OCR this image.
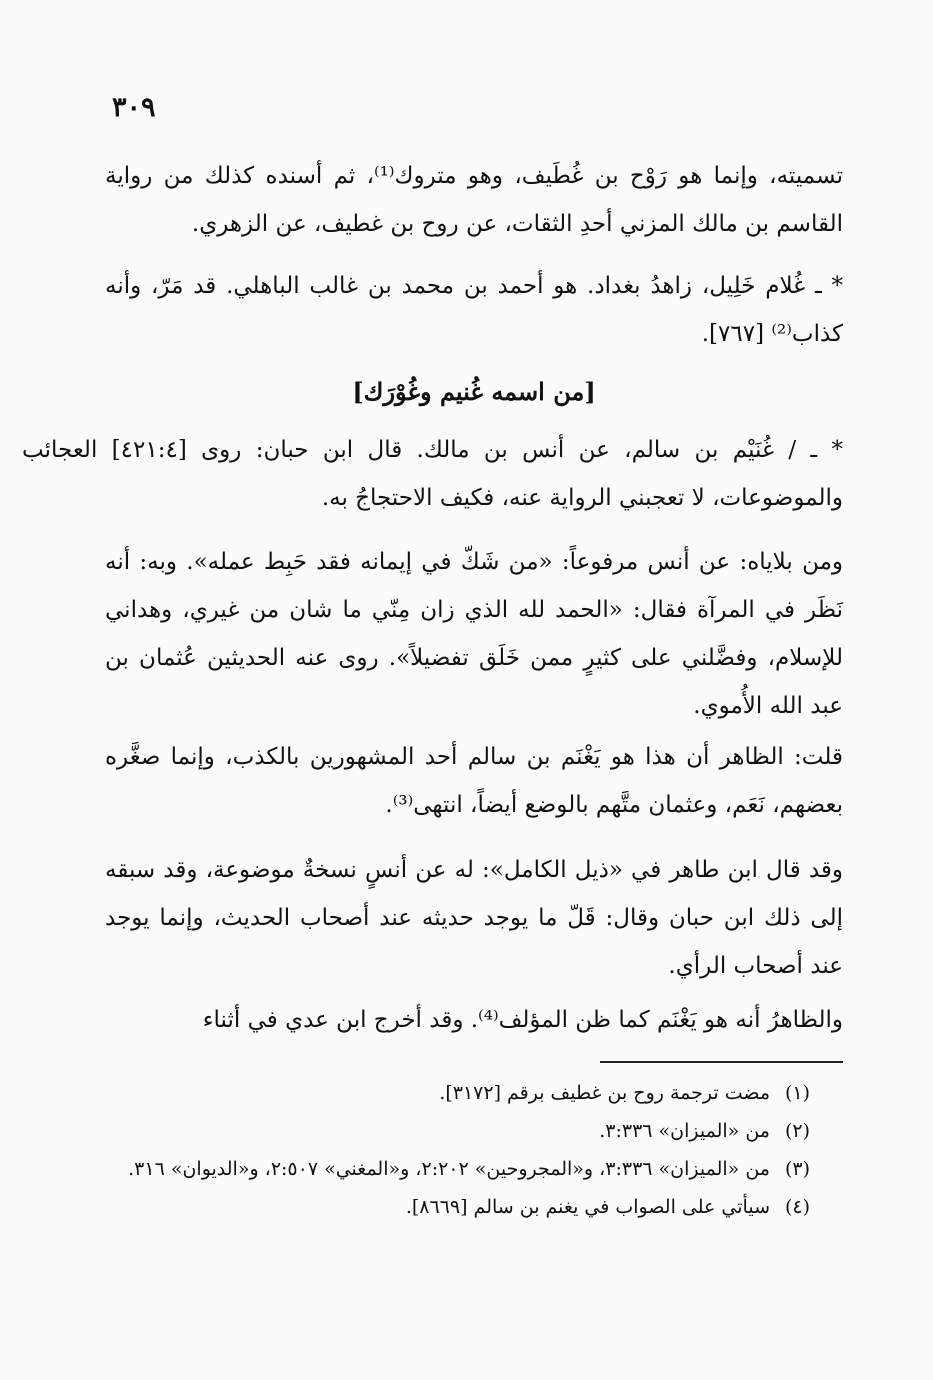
٣٠٩

تسميته، وإنما هو رَوْح بن غُطَيف، وهو متروك⁽¹⁾، ثم أسنده كذلك من رواية القاسم بن مالك المزني أحدِ الثقات، عن روح بن غطيف، عن الزهري.

* ـ غُلام خَلِيل، زاهدُ بغداد. هو أحمد بن محمد بن غالب الباهلي. قد مَرّ، وأنه كذاب⁽²⁾ [٧٦٧].

[من اسمه غُنيم وغُوْرَك]

* ـ / غُنَيْم بن سالم، عن أنس بن مالك. قال ابن حبان: روى [٤٢١:٤] العجائب والموضوعات، لا تعجبني الرواية عنه، فكيف الاحتجاجُ به.

ومن بلاياه: عن أنس مرفوعاً: «من شَكّ في إيمانه فقد حَبِط عمله». وبه: أنه نَظَر في المرآة فقال: «الحمد لله الذي زان مِنّي ما شان من غيري، وهداني للإسلام، وفضَّلني على كثيرٍ ممن خَلَق تفضيلاً». روى عنه الحديثين عُثمان بن عبد الله الأُموي.

قلت: الظاهر أن هذا هو يَغْنَم بن سالم أحد المشهورين بالكذب، وإنما صغَّره بعضهم، نَعَم، وعثمان متَّهم بالوضع أيضاً، انتهى⁽³⁾.

وقد قال ابن طاهر في «ذيل الكامل»: له عن أنسٍ نسخةٌ موضوعة، وقد سبقه إلى ذلك ابن حبان وقال: قَلّ ما يوجد حديثه عند أصحاب الحديث، وإنما يوجد عند أصحاب الرأي.

والظاهرُ أنه هو يَغْنَم كما ظن المؤلف⁽⁴⁾. وقد أخرج ابن عدي في أثناء

(١)
مضت ترجمة روح بن غطيف برقم [٣١٧٢].
(٢)
من «الميزان» ٣:٣٣٦.
(٣)
من «الميزان» ٣:٣٣٦، و«المجروحين» ٢:٢٠٢، و«المغني» ٢:٥٠٧، و«الديوان» ٣١٦.
(٤)
سيأتي على الصواب في يغنم بن سالم [٨٦٦٩].
